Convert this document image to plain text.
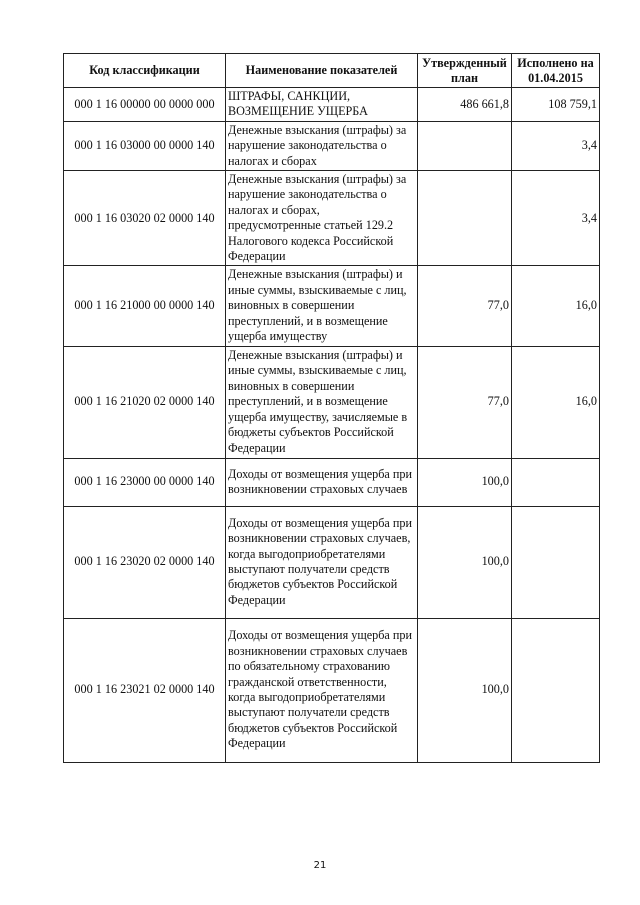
Код классификации	Наименование показателей	Утвержденный план	Исполнено на 01.04.2015
000 1 16 00000 00 0000 000	ШТРАФЫ, САНКЦИИ, ВОЗМЕЩЕНИЕ УЩЕРБА	486 661,8	108 759,1
000 1 16 03000 00 0000 140	Денежные взыскания (штрафы) за нарушение законодательства о налогах и сборах		3,4
000 1 16 03020 02 0000 140	Денежные взыскания (штрафы) за нарушение законодательства о налогах и сборах, предусмотренные статьей 129.2 Налогового кодекса Российской Федерации		3,4
000 1 16 21000 00 0000 140	Денежные взыскания (штрафы) и иные суммы, взыскиваемые с лиц, виновных в совершении преступлений, и в возмещение ущерба имуществу	77,0	16,0
000 1 16 21020 02 0000 140	Денежные взыскания (штрафы) и иные суммы, взыскиваемые с лиц, виновных в совершении преступлений, и в возмещение ущерба имуществу, зачисляемые в бюджеты субъектов Российской Федерации	77,0	16,0
000 1 16 23000 00 0000 140	Доходы от возмещения ущерба при возникновении страховых случаев	100,0	
000 1 16 23020 02 0000 140	Доходы от возмещения ущерба при возникновении страховых случаев, когда выгодоприобретателями выступают получатели средств бюджетов субъектов Российской Федерации	100,0	
000 1 16 23021 02 0000 140	Доходы от возмещения ущерба при возникновении страховых случаев по обязательному страхованию гражданской ответственности, когда выгодоприобретателями выступают получатели средств бюджетов субъектов Российской Федерации	100,0	
21
